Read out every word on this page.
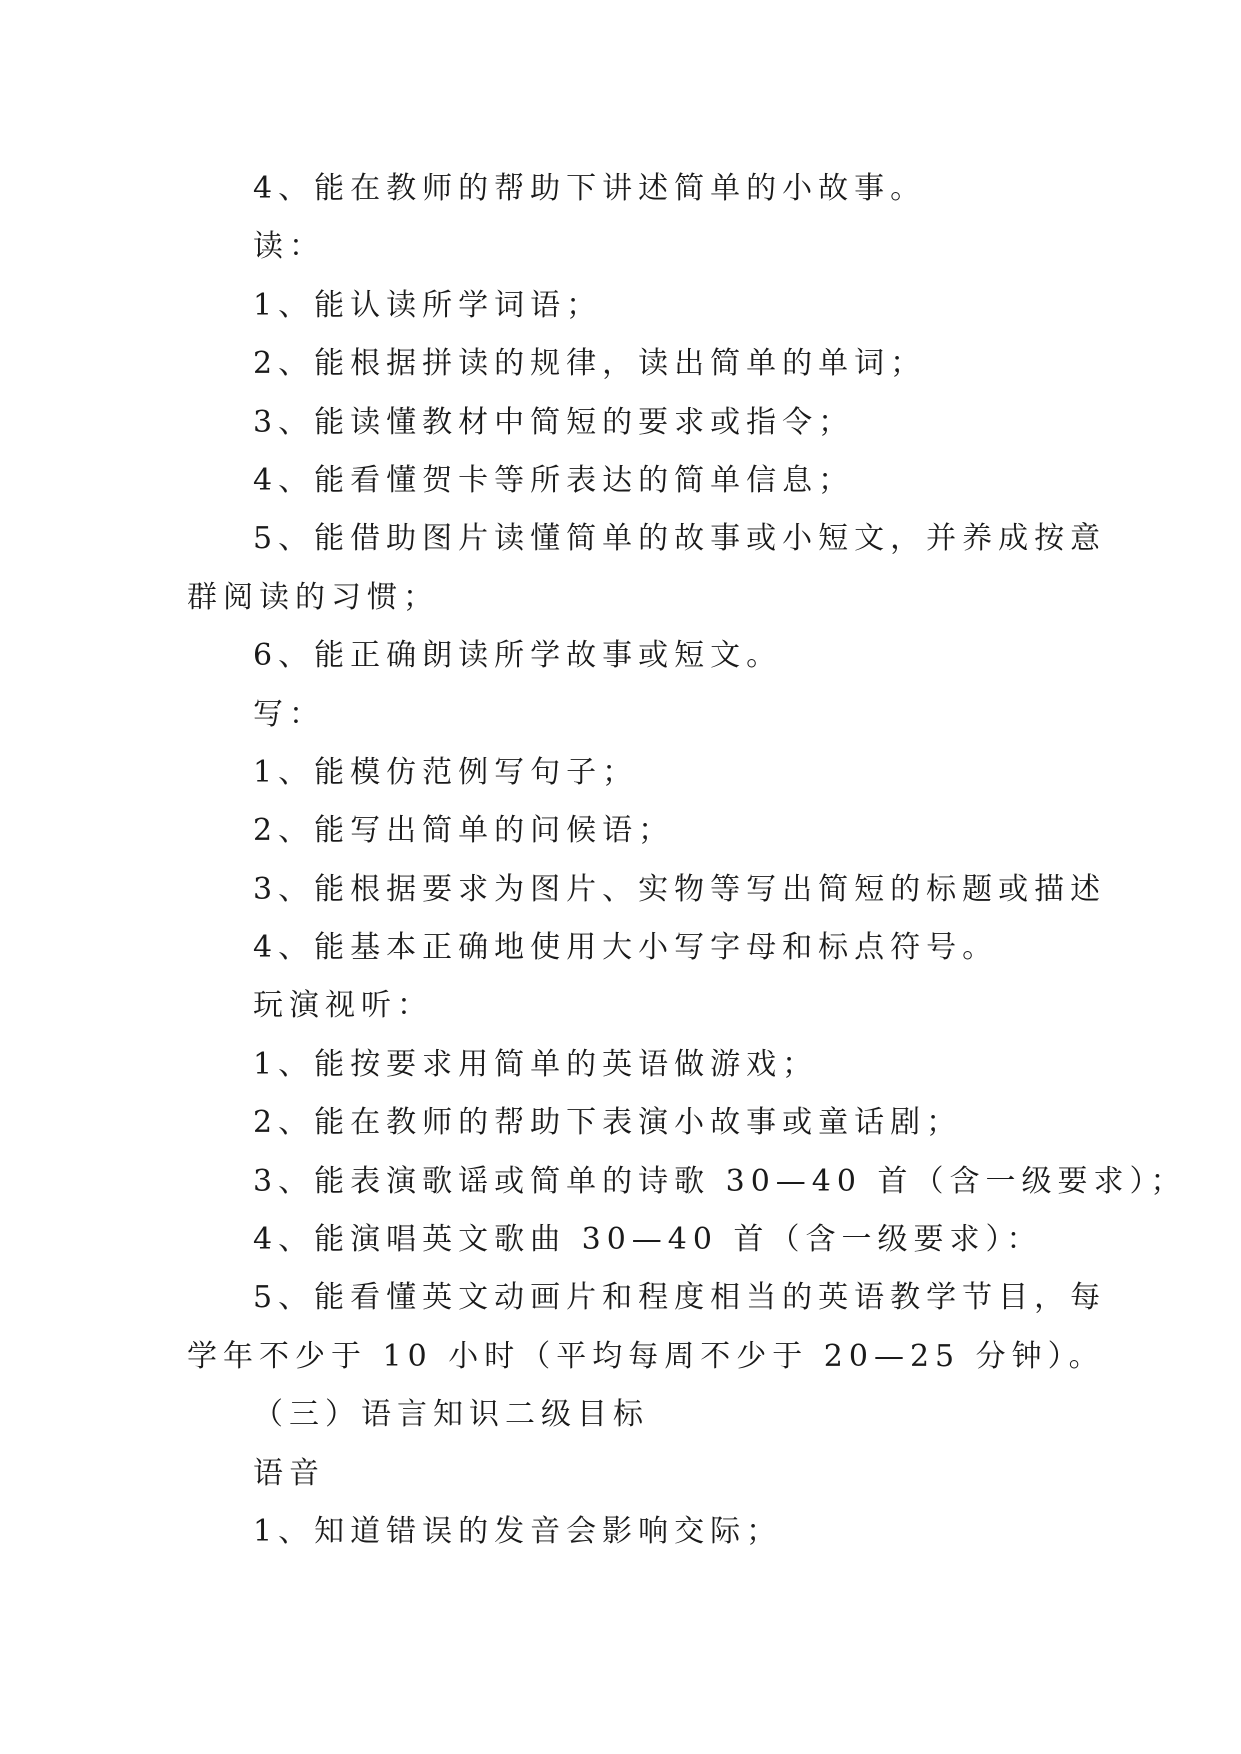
4、能在教师的帮助下讲述简单的小故事。
读：
1、能认读所学词语；
2、能根据拼读的规律，读出简单的单词；
3、能读懂教材中简短的要求或指令；
4、能看懂贺卡等所表达的简单信息；
5、能借助图片读懂简单的故事或小短文，并养成按意
群阅读的习惯；
6、能正确朗读所学故事或短文。
写：
1、能模仿范例写句子；
2、能写出简单的问候语；
3、能根据要求为图片、实物等写出简短的标题或描述
4、能基本正确地使用大小写字母和标点符号。
玩演视听：
1、能按要求用简单的英语做游戏；
2、能在教师的帮助下表演小故事或童话剧；
3、能表演歌谣或简单的诗歌 30—40 首（含一级要求）；
4、能演唱英文歌曲 30—40 首（含一级要求）：
5、能看懂英文动画片和程度相当的英语教学节目，每
学年不少于 10 小时（平均每周不少于 20—25 分钟）。
（三）语言知识二级目标
语音
1、知道错误的发音会影响交际；
